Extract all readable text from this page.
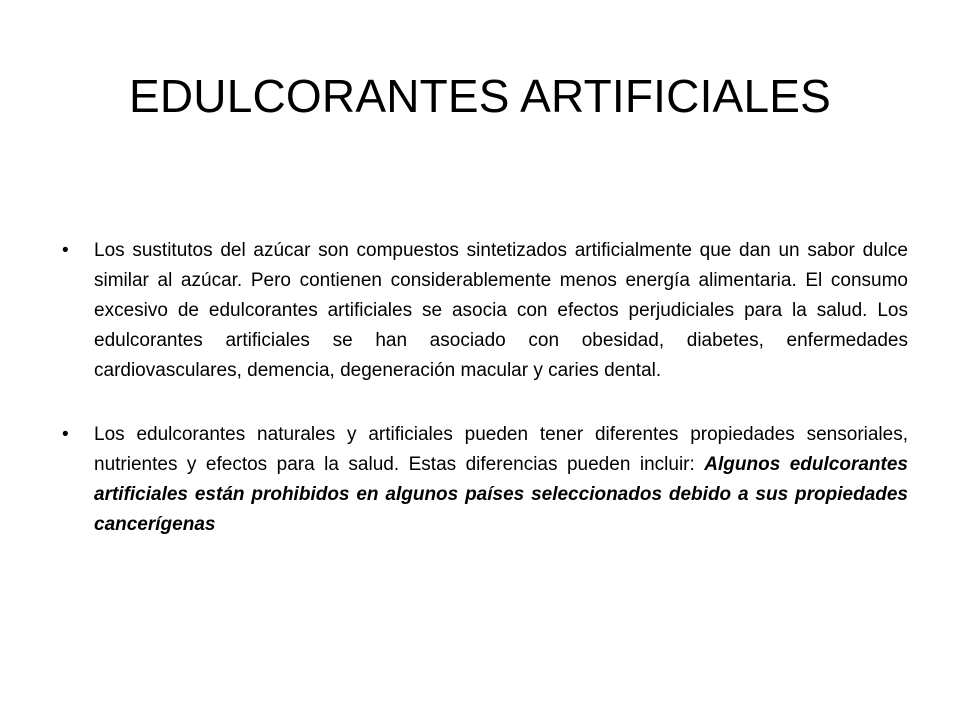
EDULCORANTES ARTIFICIALES
• Los sustitutos del azúcar son compuestos sintetizados artificialmente que dan un sabor dulce similar al azúcar. Pero contienen considerablemente menos energía alimentaria. El consumo excesivo de edulcorantes artificiales se asocia con efectos perjudiciales para la salud. Los edulcorantes artificiales se han asociado con obesidad, diabetes, enfermedades cardiovasculares, demencia, degeneración macular y caries dental.
• Los edulcorantes naturales y artificiales pueden tener diferentes propiedades sensoriales, nutrientes y efectos para la salud. Estas diferencias pueden incluir: Algunos edulcorantes artificiales están prohibidos en algunos países seleccionados debido a sus propiedades cancerígenas
